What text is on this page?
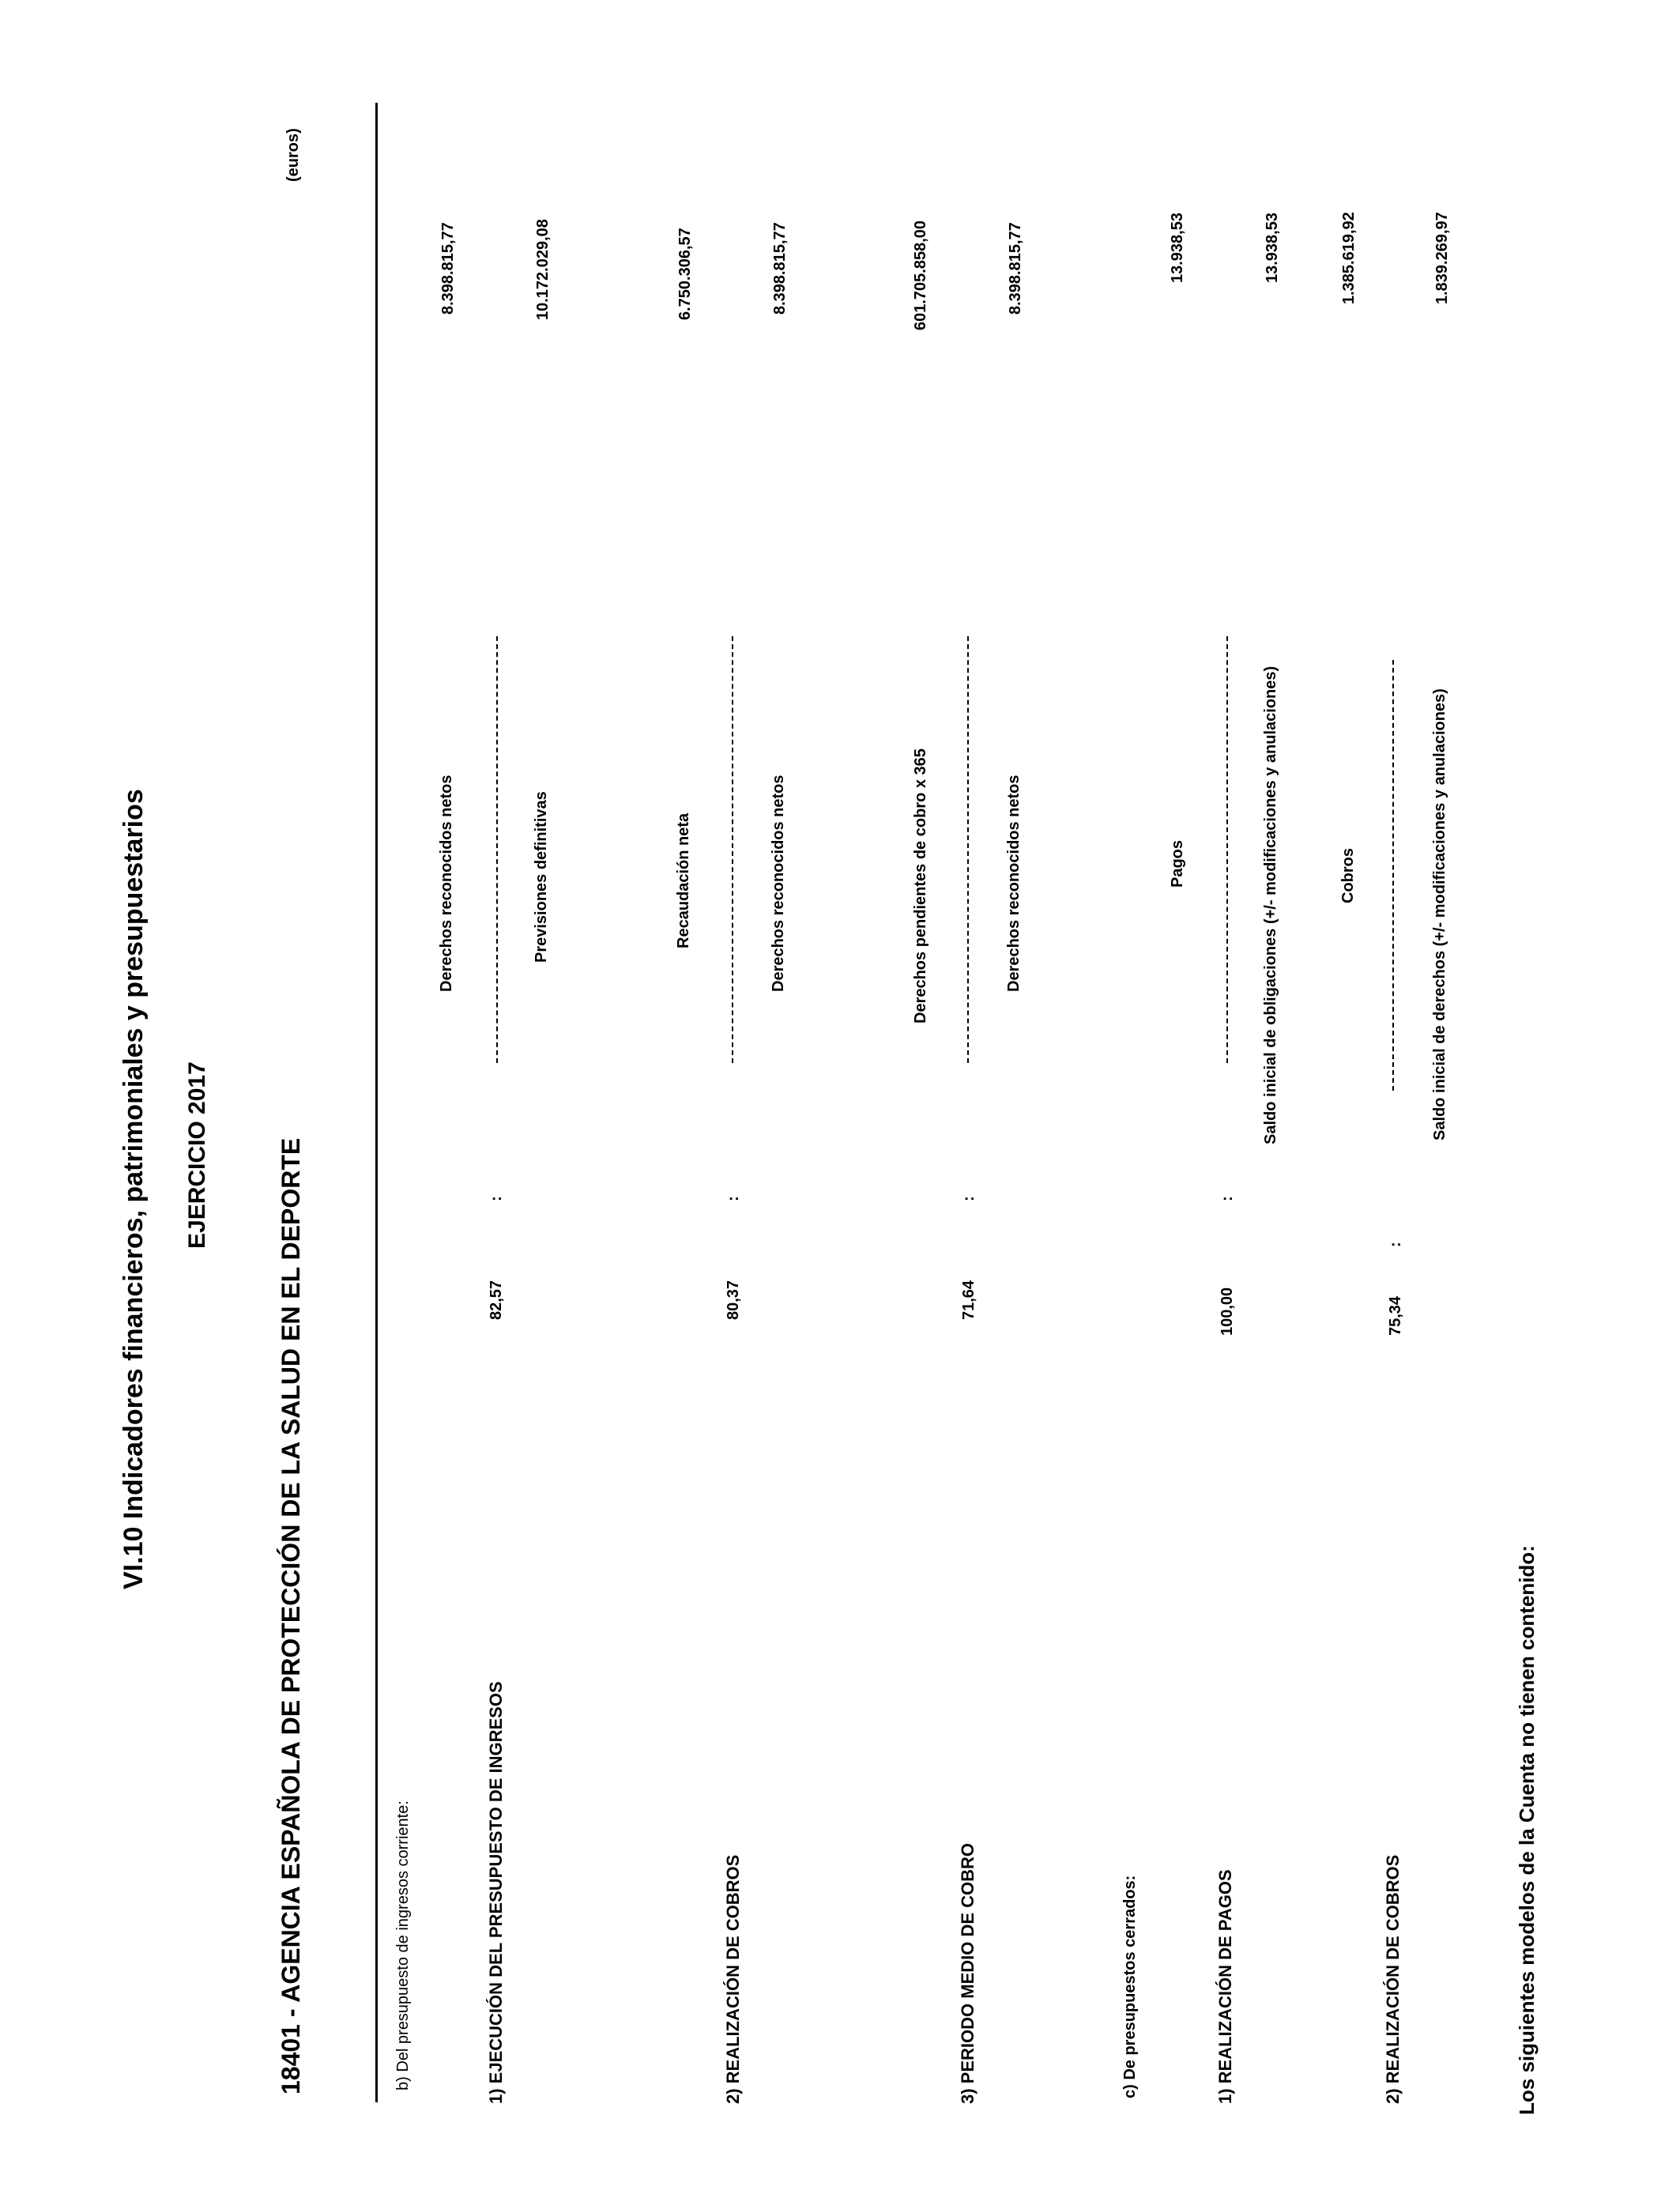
VI.10 Indicadores financieros, patrimoniales y presupuestarios EJERCICIO 2017	18401 - AGENCIA ESPAÑOLA DE PROTECCIÓN DE LA SALUD EN EL DEPORTE
(euros)
b) Del presupuesto de ingresos corriente:	1) EJECUCIÓN DEL PRESUPUESTO DE INGRESOS
82,57
:
Derechos reconocidos netos	Previsiones definitivas
8.398.815,77	10.172.029,08
2) REALIZACIÓN DE COBROS
80,37
:
Recaudación neta	Derechos reconocidos netos
6.750.306,57	8.398.815,77
3) PERIODO MEDIO DE COBRO
71,64
:
Derechos pendientes de cobro x 365	Derechos reconocidos netos
601.705.858,00	8.398.815,77
c) De presupuestos cerrados:	1) REALIZACIÓN DE PAGOS
100,00
:
Pagos	Saldo inicial de obligaciones (+/- modificaciones y anulaciones)
13.938,53	13.938,53
2) REALIZACIÓN DE COBROS
75,34
:
Cobros	Saldo inicial de derechos (+/- modificaciones y anulaciones)
1.385.619,92	1.839.269,97
Los siguientes modelos de la Cuenta no tienen contenido:
